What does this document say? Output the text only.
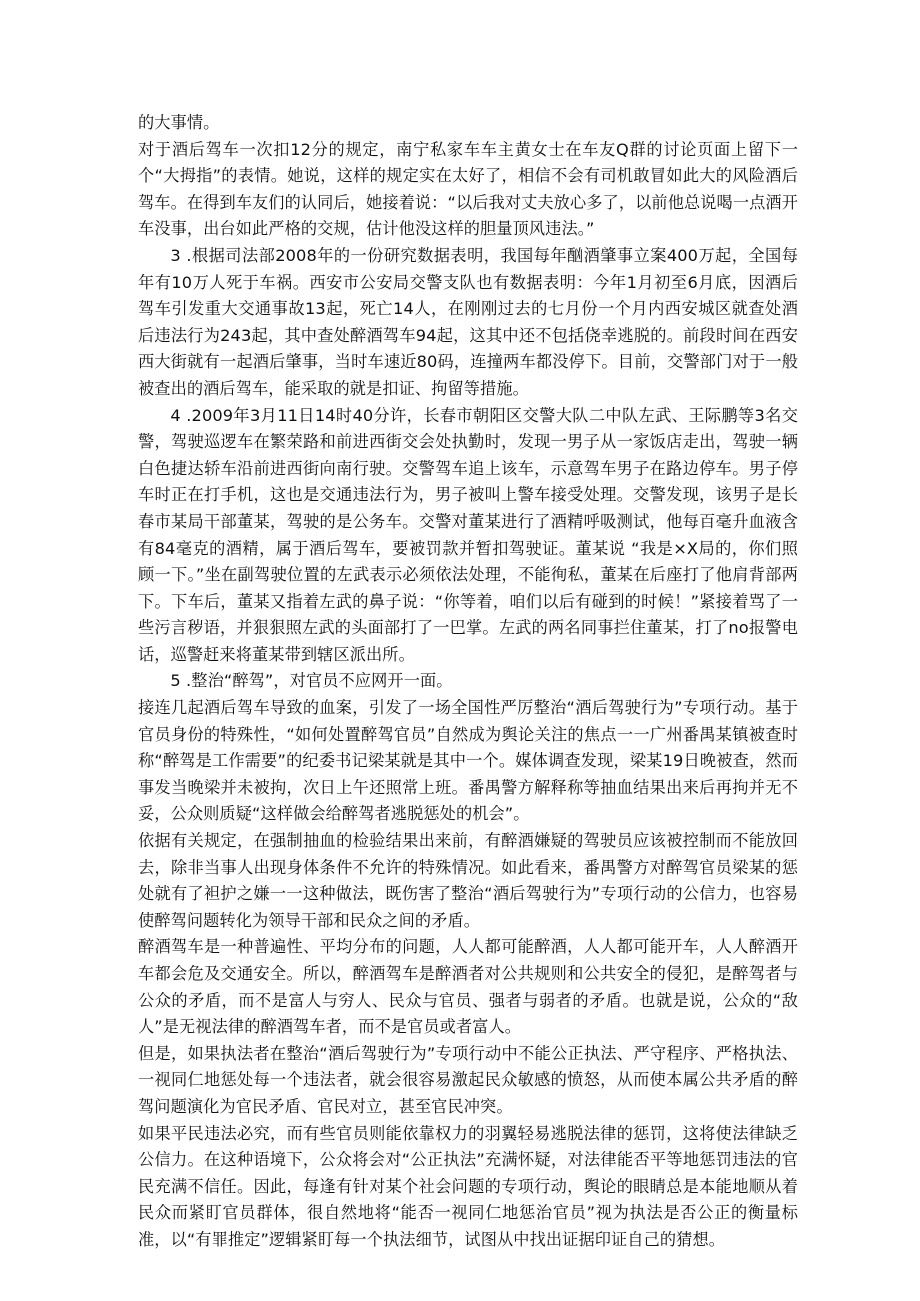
的大事情。

对于酒后驾车一次扣12分的规定，南宁私家车车主黄女士在车友Q群的讨论页面上留下一个“大拇指”的表情。她说，这样的规定实在太好了，相信不会有司机敢冒如此大的风险酒后驾车。在得到车友们的认同后，她接着说：“以后我对丈夫放心多了，以前他总说喝一点酒开车没事，出台如此严格的交规，估计他没这样的胆量顶风违法。”

3 .根据司法部2008年的一份研究数据表明，我国每年酗酒肇事立案400万起，全国每年有10万人死于车祸。西安市公安局交警支队也有数据表明：今年1月初至6月底，因酒后驾车引发重大交通事故13起，死亡14人，在刚刚过去的七月份一个月内西安城区就查处酒后违法行为243起，其中查处醉酒驾车94起，这其中还不包括侥幸逃脱的。前段时间在西安西大街就有一起酒后肇事，当时车速近80码，连撞两车都没停下。目前，交警部门对于一般被查出的酒后驾车，能采取的就是扣证、拘留等措施。

4 .2009年3月11日14时40分许，长春市朝阳区交警大队二中队左武、王际鹏等3名交警，驾驶巡逻车在繁荣路和前进西街交会处执勤时，发现一男子从一家饭店走出，驾驶一辆白色捷达轿车沿前进西街向南行驶。交警驾车追上该车，示意驾车男子在路边停车。男子停车时正在打手机，这也是交通违法行为，男子被叫上警车接受处理。交警发现，该男子是长春市某局干部董某，驾驶的是公务车。交警对董某进行了酒精呼吸测试，他每百毫升血液含有84毫克的酒精，属于酒后驾车，要被罚款并暂扣驾驶证。董某说 “我是×X局的，你们照顾一下。”坐在副驾驶位置的左武表示必须依法处理，不能徇私，董某在后座打了他肩背部两下。下车后，董某又指着左武的鼻子说：“你等着，咱们以后有碰到的时候！”紧接着骂了一些污言秽语，并狠狠照左武的头面部打了一巴掌。左武的两名同事拦住董某，打了no报警电话，巡警赶来将董某带到辖区派出所。

5 .整治“醉驾”，对官员不应网开一面。

接连几起酒后驾车导致的血案，引发了一场全国性严厉整治“酒后驾驶行为”专项行动。基于官员身份的特殊性，“如何处置醉驾官员”自然成为舆论关注的焦点一一广州番禺某镇被查时称“醉驾是工作需要”的纪委书记梁某就是其中一个。媒体调查发现，梁某19日晚被查，然而事发当晚梁并未被拘，次日上午还照常上班。番禺警方解释称等抽血结果出来后再拘并无不妥，公众则质疑“这样做会给醉驾者逃脱惩处的机会”。

依据有关规定，在强制抽血的检验结果出来前，有醉酒嫌疑的驾驶员应该被控制而不能放回去，除非当事人出现身体条件不允许的特殊情况。如此看来，番禺警方对醉驾官员梁某的惩处就有了袒护之嫌一一这种做法，既伤害了整治“酒后驾驶行为”专项行动的公信力，也容易使醉驾问题转化为领导干部和民众之间的矛盾。

醉酒驾车是一种普遍性、平均分布的问题，人人都可能醉酒，人人都可能开车，人人醉酒开车都会危及交通安全。所以，醉酒驾车是醉酒者对公共规则和公共安全的侵犯，是醉驾者与公众的矛盾，而不是富人与穷人、民众与官员、强者与弱者的矛盾。也就是说，公众的“敌人”是无视法律的醉酒驾车者，而不是官员或者富人。

但是，如果执法者在整治“酒后驾驶行为”专项行动中不能公正执法、严守程序、严格执法、一视同仁地惩处每一个违法者，就会很容易激起民众敏感的愤怒，从而使本属公共矛盾的醉驾问题演化为官民矛盾、官民对立，甚至官民冲突。

如果平民违法必究，而有些官员则能依靠权力的羽翼轻易逃脱法律的惩罚，这将使法律缺乏公信力。在这种语境下，公众将会对“公正执法”充满怀疑，对法律能否平等地惩罚违法的官民充满不信任。因此，每逢有针对某个社会问题的专项行动，舆论的眼睛总是本能地顺从着民众而紧盯官员群体，很自然地将“能否一视同仁地惩治官员”视为执法是否公正的衡量标准，以“有罪推定”逻辑紧盯每一个执法细节，试图从中找出证据印证自己的猜想。
